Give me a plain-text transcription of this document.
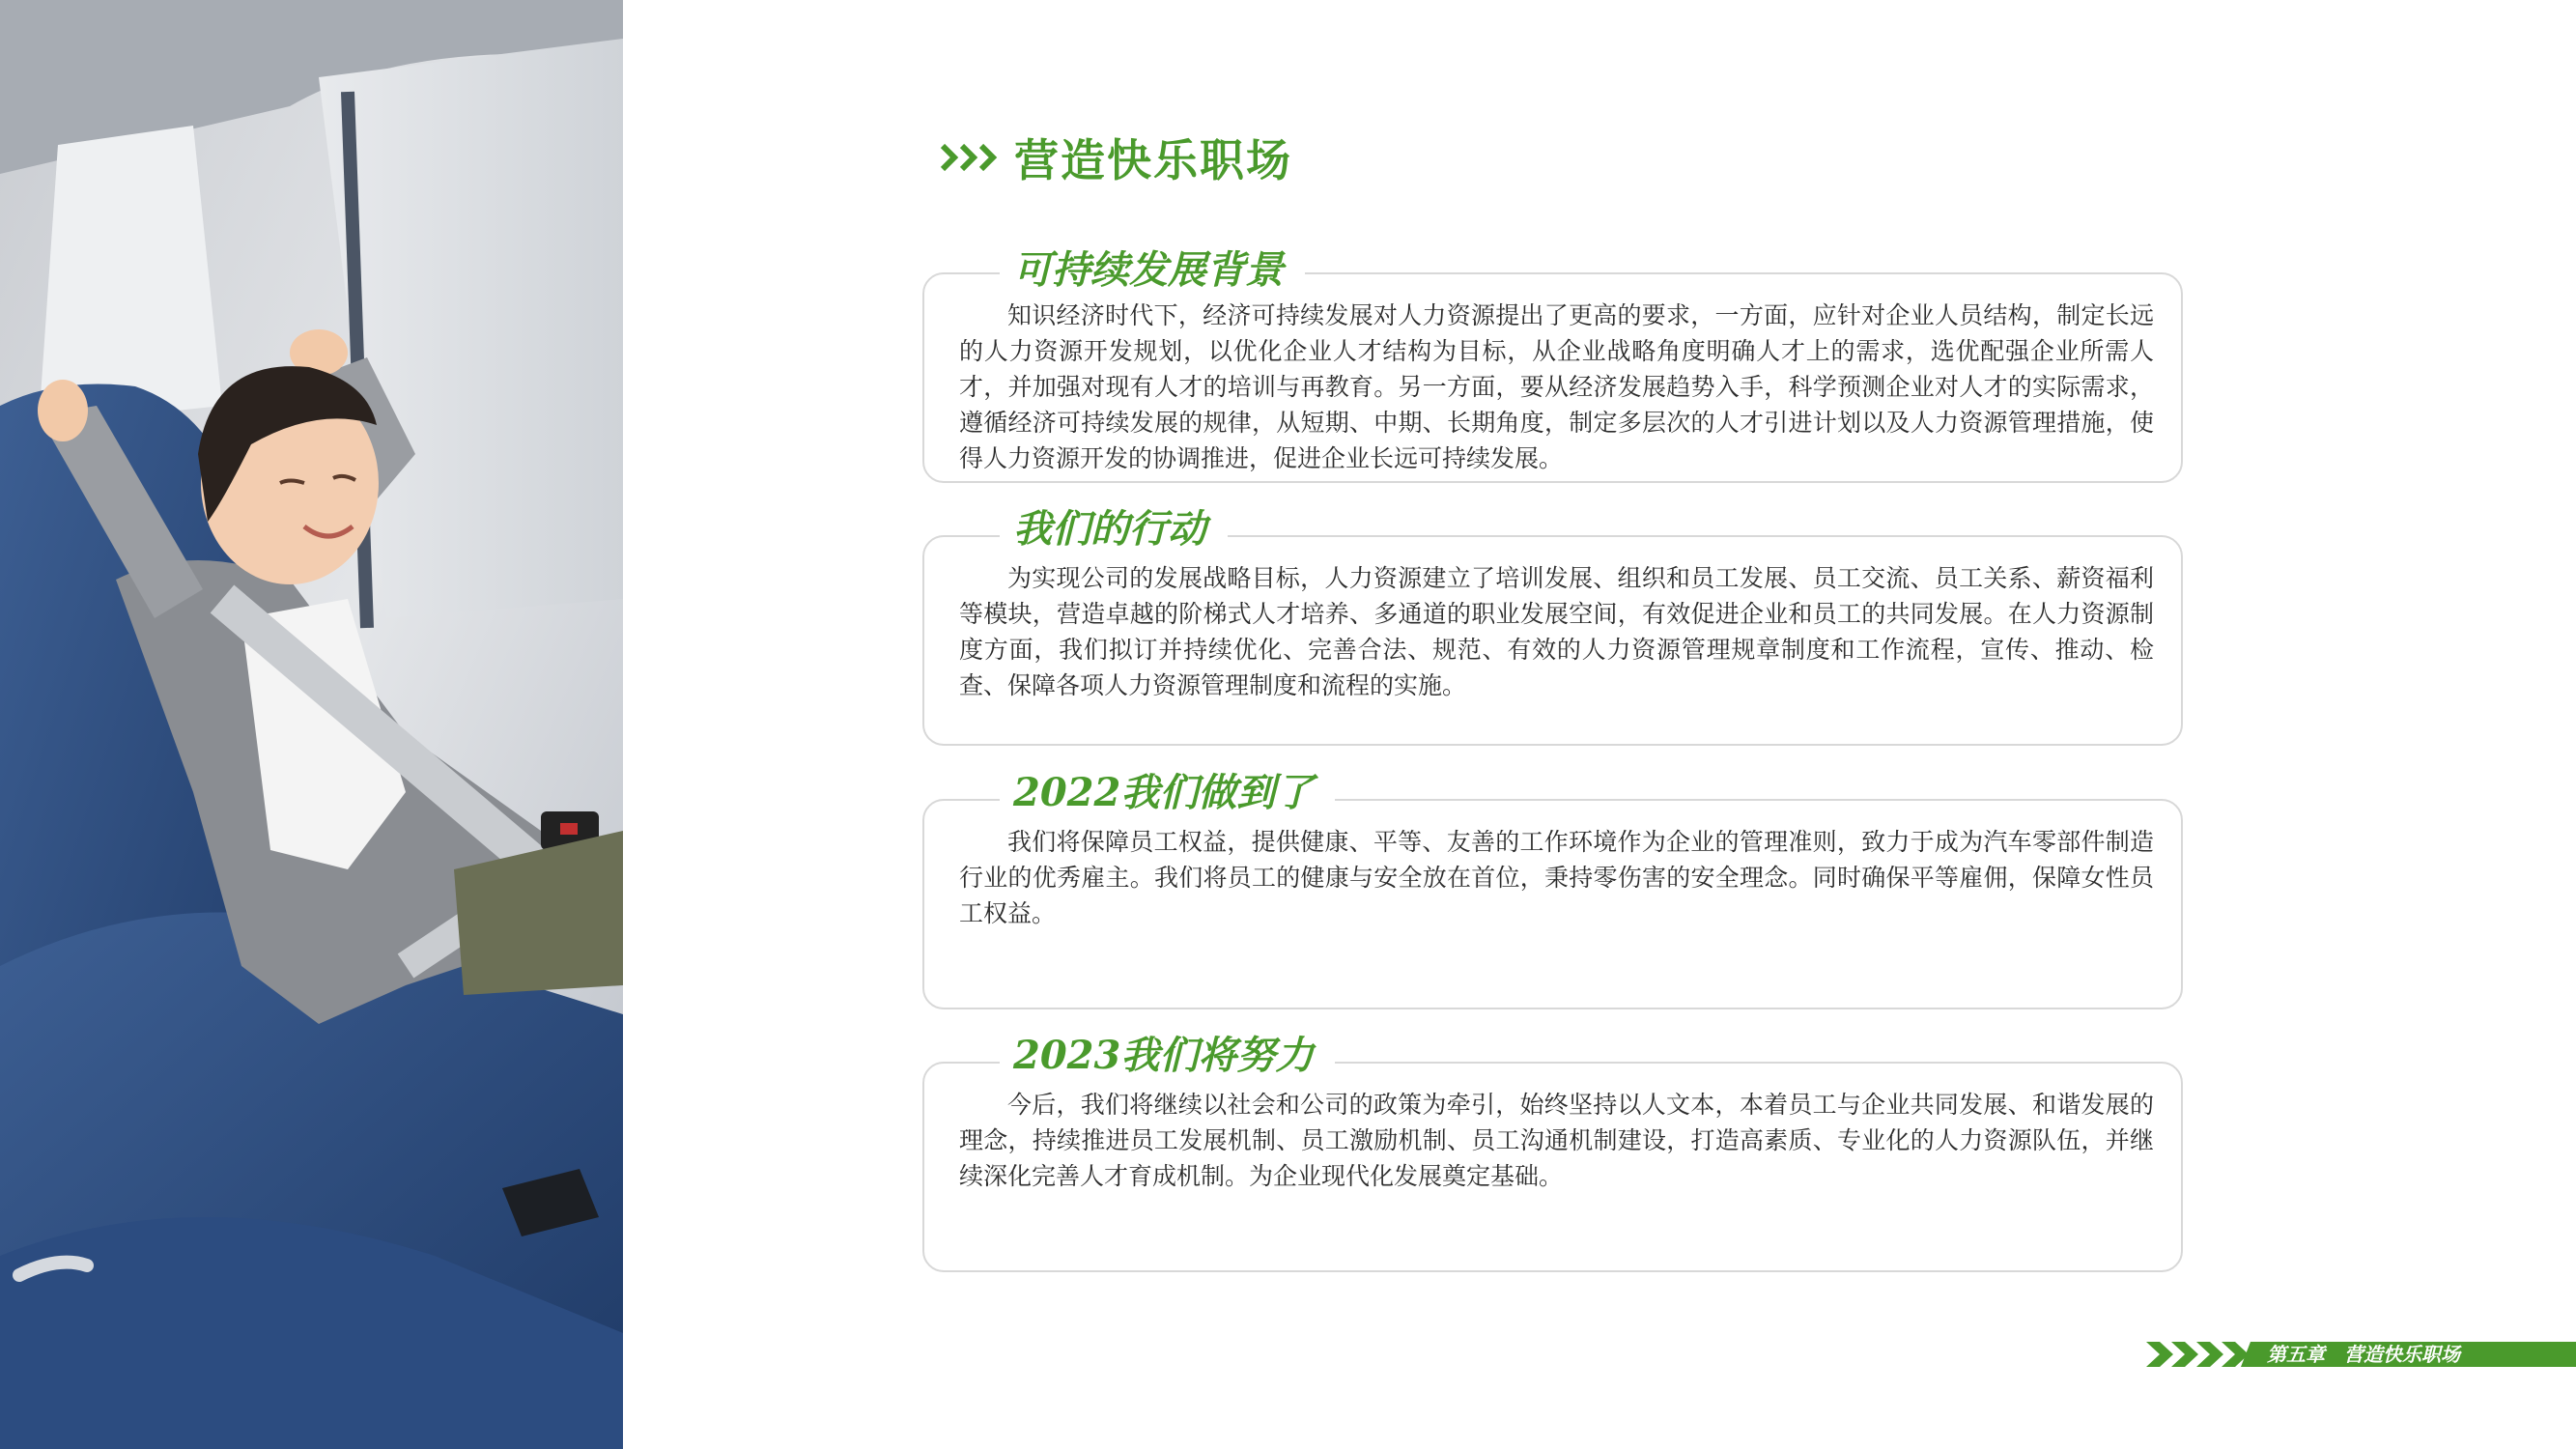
营造快乐职场
可持续发展背景
知识经济时代下，经济可持续发展对人力资源提出了更高的要求，一方面，应针对企业人员结构，制定长远的人力资源开发规划，以优化企业人才结构为目标，从企业战略角度明确人才上的需求，选优配强企业所需人才，并加强对现有人才的培训与再教育。另一方面，要从经济发展趋势入手，科学预测企业对人才的实际需求，遵循经济可持续发展的规律，从短期、中期、长期角度，制定多层次的人才引进计划以及人力资源管理措施，使得人力资源开发的协调推进，促进企业长远可持续发展。
我们的行动
为实现公司的发展战略目标，人力资源建立了培训发展、组织和员工发展、员工交流、员工关系、薪资福利等模块，营造卓越的阶梯式人才培养、多通道的职业发展空间，有效促进企业和员工的共同发展。在人力资源制度方面，我们拟订并持续优化、完善合法、规范、有效的人力资源管理规章制度和工作流程，宣传、推动、检查、保障各项人力资源管理制度和流程的实施。
2022我们做到了
我们将保障员工权益，提供健康、平等、友善的工作环境作为企业的管理准则，致力于成为汽车零部件制造行业的优秀雇主。我们将员工的健康与安全放在首位，秉持零伤害的安全理念。同时确保平等雇佣，保障女性员工权益。
2023我们将努力
今后，我们将继续以社会和公司的政策为牵引，始终坚持以人文本，本着员工与企业共同发展、和谐发展的理念，持续推进员工发展机制、员工激励机制、员工沟通机制建设，打造高素质、专业化的人力资源队伍，并继续深化完善人才育成机制。为企业现代化发展奠定基础。
第五章　营造快乐职场
